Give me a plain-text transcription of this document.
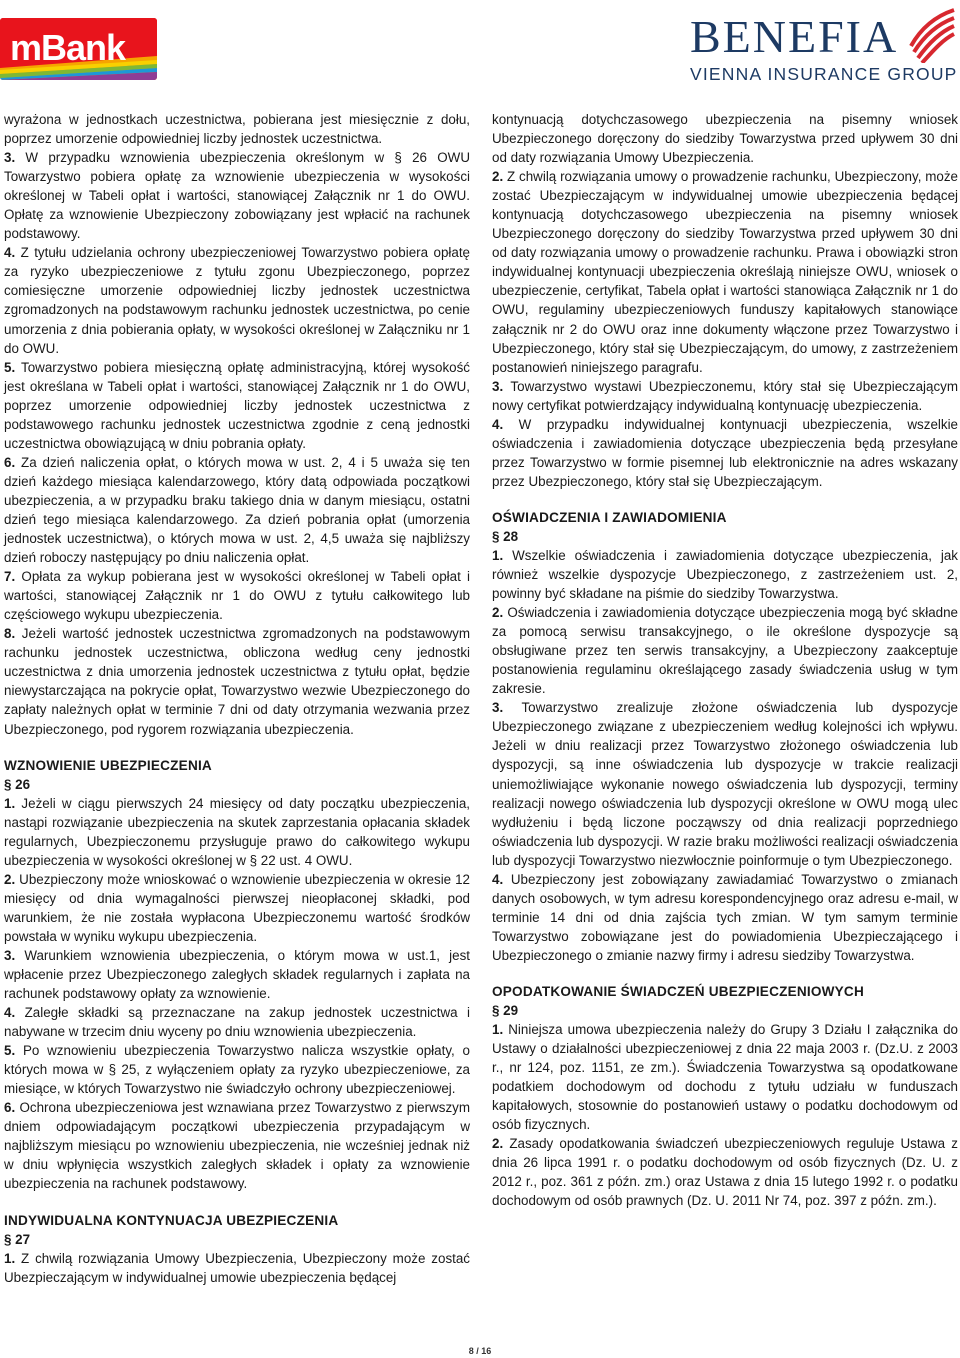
mBank	BENEFIA
VIENNA INSURANCE GROUP

wyrażona w jednostkach uczestnictwa, pobierana jest miesięcznie z dołu, poprzez umorzenie odpowiedniej liczby jednostek uczestnictwa.

3. W przypadku wznowienia ubezpieczenia określonym w § 26 OWU Towarzystwo pobiera opłatę za wznowienie ubezpieczenia w wysokości określonej w Tabeli opłat i wartości, stanowiącej Załącznik nr 1 do OWU. Opłatę za wznowienie Ubezpieczony zobowiązany jest wpłacić na rachunek podstawowy.

4. Z tytułu udzielania ochrony ubezpieczeniowej Towarzystwo pobiera opłatę za ryzyko ubezpieczeniowe z tytułu zgonu Ubezpieczonego, poprzez comiesięczne umorzenie odpowiedniej liczby jednostek uczestnictwa zgromadzonych na podstawowym rachunku jednostek uczestnictwa, po cenie umorzenia z dnia pobierania opłaty, w wysokości określonej w Załączniku nr 1 do OWU.

5. Towarzystwo pobiera miesięczną opłatę administracyjną, której wysokość jest określana w Tabeli opłat i wartości, stanowiącej Załącznik nr 1 do OWU, poprzez umorzenie odpowiedniej liczby jednostek uczestnictwa z podstawowego rachunku jednostek uczestnictwa zgodnie z ceną jednostki uczestnictwa obowiązującą w dniu pobrania opłaty.

6. Za dzień naliczenia opłat, o których mowa w ust. 2, 4 i 5 uważa się ten dzień każdego miesiąca kalendarzowego, który datą odpowiada początkowi ubezpieczenia, a w przypadku braku takiego dnia w danym miesiącu, ostatni dzień tego miesiąca kalendarzowego. Za dzień pobrania opłat (umorzenia jednostek uczestnictwa), o których mowa w ust. 2, 4,5 uważa się najbliższy dzień roboczy następujący po dniu naliczenia opłat.

7. Opłata za wykup pobierana jest w wysokości określonej w Tabeli opłat i wartości, stanowiącej Załącznik nr 1 do OWU z tytułu całkowitego lub częściowego wykupu ubezpieczenia.

8. Jeżeli wartość jednostek uczestnictwa zgromadzonych na podstawowym rachunku jednostek uczestnictwa, obliczona według ceny jednostki uczestnictwa z dnia umorzenia jednostek uczestnictwa z tytułu opłat, będzie niewystarczająca na pokrycie opłat, Towarzystwo wezwie Ubezpieczonego do zapłaty należnych opłat w terminie 7 dni od daty otrzymania wezwania przez Ubezpieczonego, pod rygorem rozwiązania ubezpieczenia.

WZNOWIENIE UBEZPIECZENIA

§ 26

1. Jeżeli w ciągu pierwszych 24 miesięcy od daty początku ubezpieczenia, nastąpi rozwiązanie ubezpieczenia na skutek zaprzestania opłacania składek regularnych, Ubezpieczonemu przysługuje prawo do całkowitego wykupu ubezpieczenia w wysokości określonej w § 22 ust. 4 OWU.

2. Ubezpieczony może wnioskować o wznowienie ubezpieczenia w okresie 12 miesięcy od dnia wymagalności pierwszej nieopłaconej składki, pod warunkiem, że nie została wypłacona Ubezpieczonemu wartość środków powstała w wyniku wykupu ubezpieczenia.

3. Warunkiem wznowienia ubezpieczenia, o którym mowa w ust.1, jest wpłacenie przez Ubezpieczonego zaległych składek regularnych i zapłata na rachunek podstawowy opłaty za wznowienie.

4. Zaległe składki są przeznaczane na zakup jednostek uczestnictwa i nabywane w trzecim dniu wyceny po dniu wznowienia ubezpieczenia.

5. Po wznowieniu ubezpieczenia Towarzystwo nalicza wszystkie opłaty, o których mowa w § 25, z wyłączeniem opłaty za ryzyko ubezpieczeniowe, za miesiące, w których Towarzystwo nie świadczyło ochrony ubezpieczeniowej.

6. Ochrona ubezpieczeniowa jest wznawiana przez Towarzystwo z pierwszym dniem odpowiadającym początkowi ubezpieczenia przypadającym w najbliższym miesiącu po wznowieniu ubezpieczenia, nie wcześniej jednak niż w dniu wpłynięcia wszystkich zaległych składek i opłaty za wznowienie ubezpieczenia na rachunek podstawowy.

INDYWIDUALNA KONTYNUACJA UBEZPIECZENIA

§ 27

1. Z chwilą rozwiązania Umowy Ubezpieczenia, Ubezpieczony może zostać Ubezpieczającym w indywidualnej umowie ubezpieczenia będącej

kontynuacją dotychczasowego ubezpieczenia na pisemny wniosek Ubezpieczonego doręczony do siedziby Towarzystwa przed upływem 30 dni od daty rozwiązania Umowy Ubezpieczenia.

2. Z chwilą rozwiązania umowy o prowadzenie rachunku, Ubezpieczony, może zostać Ubezpieczającym w indywidualnej umowie ubezpieczenia będącej kontynuacją dotychczasowego ubezpieczenia na pisemny wniosek Ubezpieczonego doręczony do siedziby Towarzystwa przed upływem 30 dni od daty rozwiązania umowy o prowadzenie rachunku. Prawa i obowiązki stron indywidualnej kontynuacji ubezpieczenia określają niniejsze OWU, wniosek o ubezpieczenie, certyfikat, Tabela opłat i wartości stanowiąca Załącznik nr 1 do OWU, regulaminy ubezpieczeniowych funduszy kapitałowych stanowiące załącznik nr 2 do OWU oraz inne dokumenty włączone przez Towarzystwo i Ubezpieczonego, który stał się Ubezpieczającym, do umowy, z zastrzeżeniem postanowień niniejszego paragrafu.

3. Towarzystwo wystawi Ubezpieczonemu, który stał się Ubezpieczającym nowy certyfikat potwierdzający indywidualną kontynuację ubezpieczenia.

4. W przypadku indywidualnej kontynuacji ubezpieczenia, wszelkie oświadczenia i zawiadomienia dotyczące ubezpieczenia będą przesyłane przez Towarzystwo w formie pisemnej lub elektronicznie na adres wskazany przez Ubezpieczonego, który stał się Ubezpieczającym.

OŚWIADCZENIA I ZAWIADOMIENIA

§ 28

1. Wszelkie oświadczenia i zawiadomienia dotyczące ubezpieczenia, jak również wszelkie dyspozycje Ubezpieczonego, z zastrzeżeniem ust. 2, powinny być składane na piśmie do siedziby Towarzystwa.

2. Oświadczenia i zawiadomienia dotyczące ubezpieczenia mogą być składne za pomocą serwisu transakcyjnego, o ile określone dyspozycje są obsługiwane przez ten serwis transakcyjny, a Ubezpieczony zaakceptuje postanowienia regulaminu określającego zasady świadczenia usług w tym zakresie.

3. Towarzystwo zrealizuje złożone oświadczenia lub dyspozycje Ubezpieczonego związane z ubezpieczeniem według kolejności ich wpływu. Jeżeli w dniu realizacji przez Towarzystwo złożonego oświadczenia lub dyspozycji, są inne oświadczenia lub dyspozycje w trakcie realizacji uniemożliwiające wykonanie nowego oświadczenia lub dyspozycji, terminy realizacji nowego oświadczenia lub dyspozycji określone w OWU mogą ulec wydłużeniu i będą liczone począwszy od dnia realizacji poprzedniego oświadczenia lub dyspozycji. W razie braku możliwości realizacji oświadczenia lub dyspozycji Towarzystwo niezwłocznie poinformuje o tym Ubezpieczonego.

4. Ubezpieczony jest zobowiązany zawiadamiać Towarzystwo o zmianach danych osobowych, w tym adresu korespondencyjnego oraz adresu e-mail, w terminie 14 dni od dnia zajścia tych zmian. W tym samym terminie Towarzystwo zobowiązane jest do powiadomienia Ubezpieczającego i Ubezpieczonego o zmianie nazwy firmy i adresu siedziby Towarzystwa.

OPODATKOWANIE ŚWIADCZEŃ UBEZPIECZENIOWYCH

§ 29

1. Niniejsza umowa ubezpieczenia należy do Grupy 3 Działu I załącznika do Ustawy o działalności ubezpieczeniowej z dnia 22 maja 2003 r. (Dz.U. z 2003 r., nr 124, poz. 1151, ze zm.). Świadczenia Towarzystwa są opodatkowane podatkiem dochodowym od dochodu z tytułu udziału w funduszach kapitałowych, stosownie do postanowień ustawy o podatku dochodowym od osób fizycznych.

2. Zasady opodatkowania świadczeń ubezpieczeniowych reguluje Ustawa z dnia 26 lipca 1991 r. o podatku dochodowym od osób fizycznych (Dz. U. z 2012 r., poz. 361 z późn. zm.) oraz Ustawa z dnia 15 lutego 1992 r. o podatku dochodowym od osób prawnych (Dz. U. 2011 Nr 74, poz. 397 z późn. zm.).

8 / 16
